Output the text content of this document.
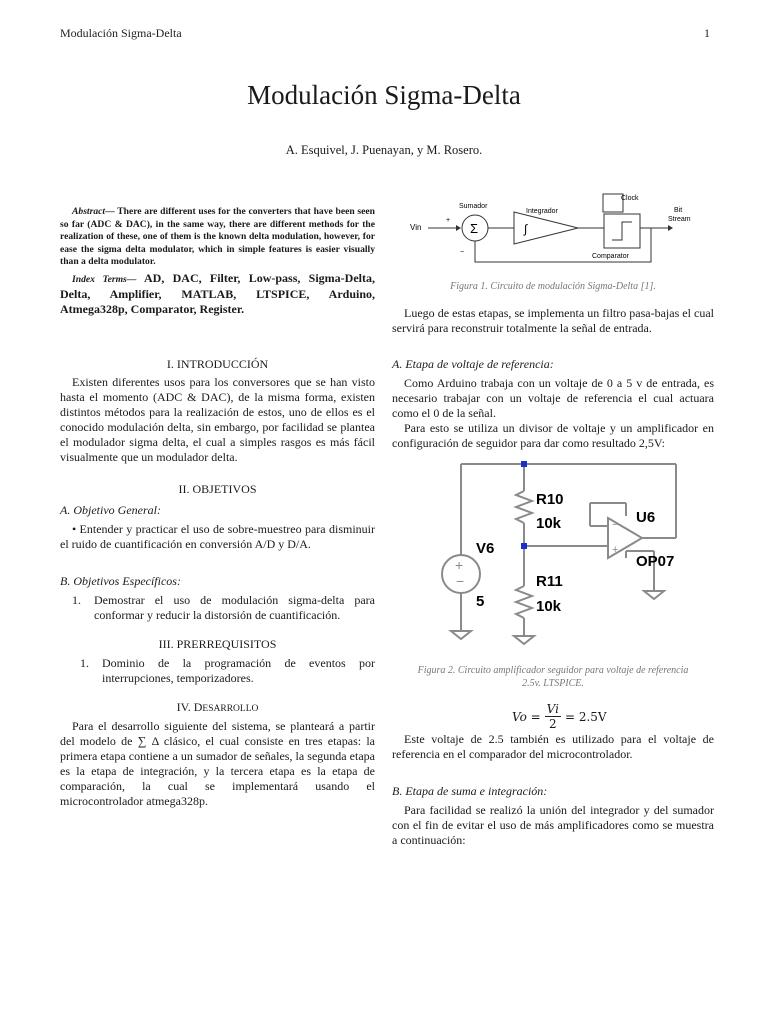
Modulación Sigma-Delta	1
Modulación Sigma-Delta
A. Esquivel, J. Puenayan, y M. Rosero.

Abstract— There are different uses for the converters that have been seen so far (ADC & DAC), in the same way, there are different methods for the realization of these, one of them is the known delta modulation, however, for ease the sigma delta modulator, which in simple features is easier visually than a delta modulator.

Index Terms— AD, DAC, Filter, Low-pass, Sigma-Delta, Delta, Amplifier, MATLAB, LTSPICE, Arduino, Atmega328p, Comparator, Register.

I. INTRODUCCIÓN

Existen diferentes usos para los conversores que se han visto hasta el momento (ADC & DAC), de la misma forma, existen distintos métodos para la realización de estos, uno de ellos es el conocido modulación delta, sin embargo, por facilidad se plantea el modulador sigma delta, el cual a simples rasgos es más fácil visualmente que un modulador delta.

II. OBJETIVOS
A. Objetivo General:

• Entender y practicar el uso de sobre-muestreo para disminuir el ruido de cuantificación en conversión A/D y D/A.

B. Objetivos Específicos:
1. Demostrar el uso de modulación sigma-delta para conformar y reducir la distorsión de cuantificación.

III. PRERREQUISITOS
1. Dominio de la programación de eventos por interrupciones, temporizadores.

IV. DESARROLLO

Para el desarrollo siguiente del sistema, se planteará a partir del modelo de ∑ Δ clásico, el cual consiste en tres etapas: la primera etapa contiene a un sumador de señales, la segunda etapa es la etapa de integración, y la tercera etapa es la etapa de comparación, la cual se implementará usando el microcontrolador atmega328p.

Vin
+
−
Σ
Sumador
∫
Integrador
Comparator
Clock
Bit
Stream
Figura 1. Circuito de modulación Sigma-Delta [1].

Luego de estas etapas, se implementa un filtro pasa-bajas el cual servirá para reconstruir totalmente la señal de entrada.

A. Etapa de voltaje de referencia:

Como Arduino trabaja con un voltaje de 0 a 5 v de entrada, es necesario trabajar con un voltaje de referencia el cual actuara como el 0 de la señal.

Para esto se utiliza un divisor de voltaje y un amplificador en configuración de seguidor para dar como resultado 2,5V:

+
−
−
+
R10
10k
R11
10k
V6
5
U6
OP07
Figura 2. Circuito amplificador seguidor para voltaje de referencia
2.5v. LTSPICE.
$Vo = \frac{Vi}{2} = 2.5V$

Este voltaje de 2.5 también es utilizado para el voltaje de referencia en el comparador del microcontrolador.

B. Etapa de suma e integración:

Para facilidad se realizó la unión del integrador y del sumador con el fin de evitar el uso de más amplificadores como se muestra a continuación:
